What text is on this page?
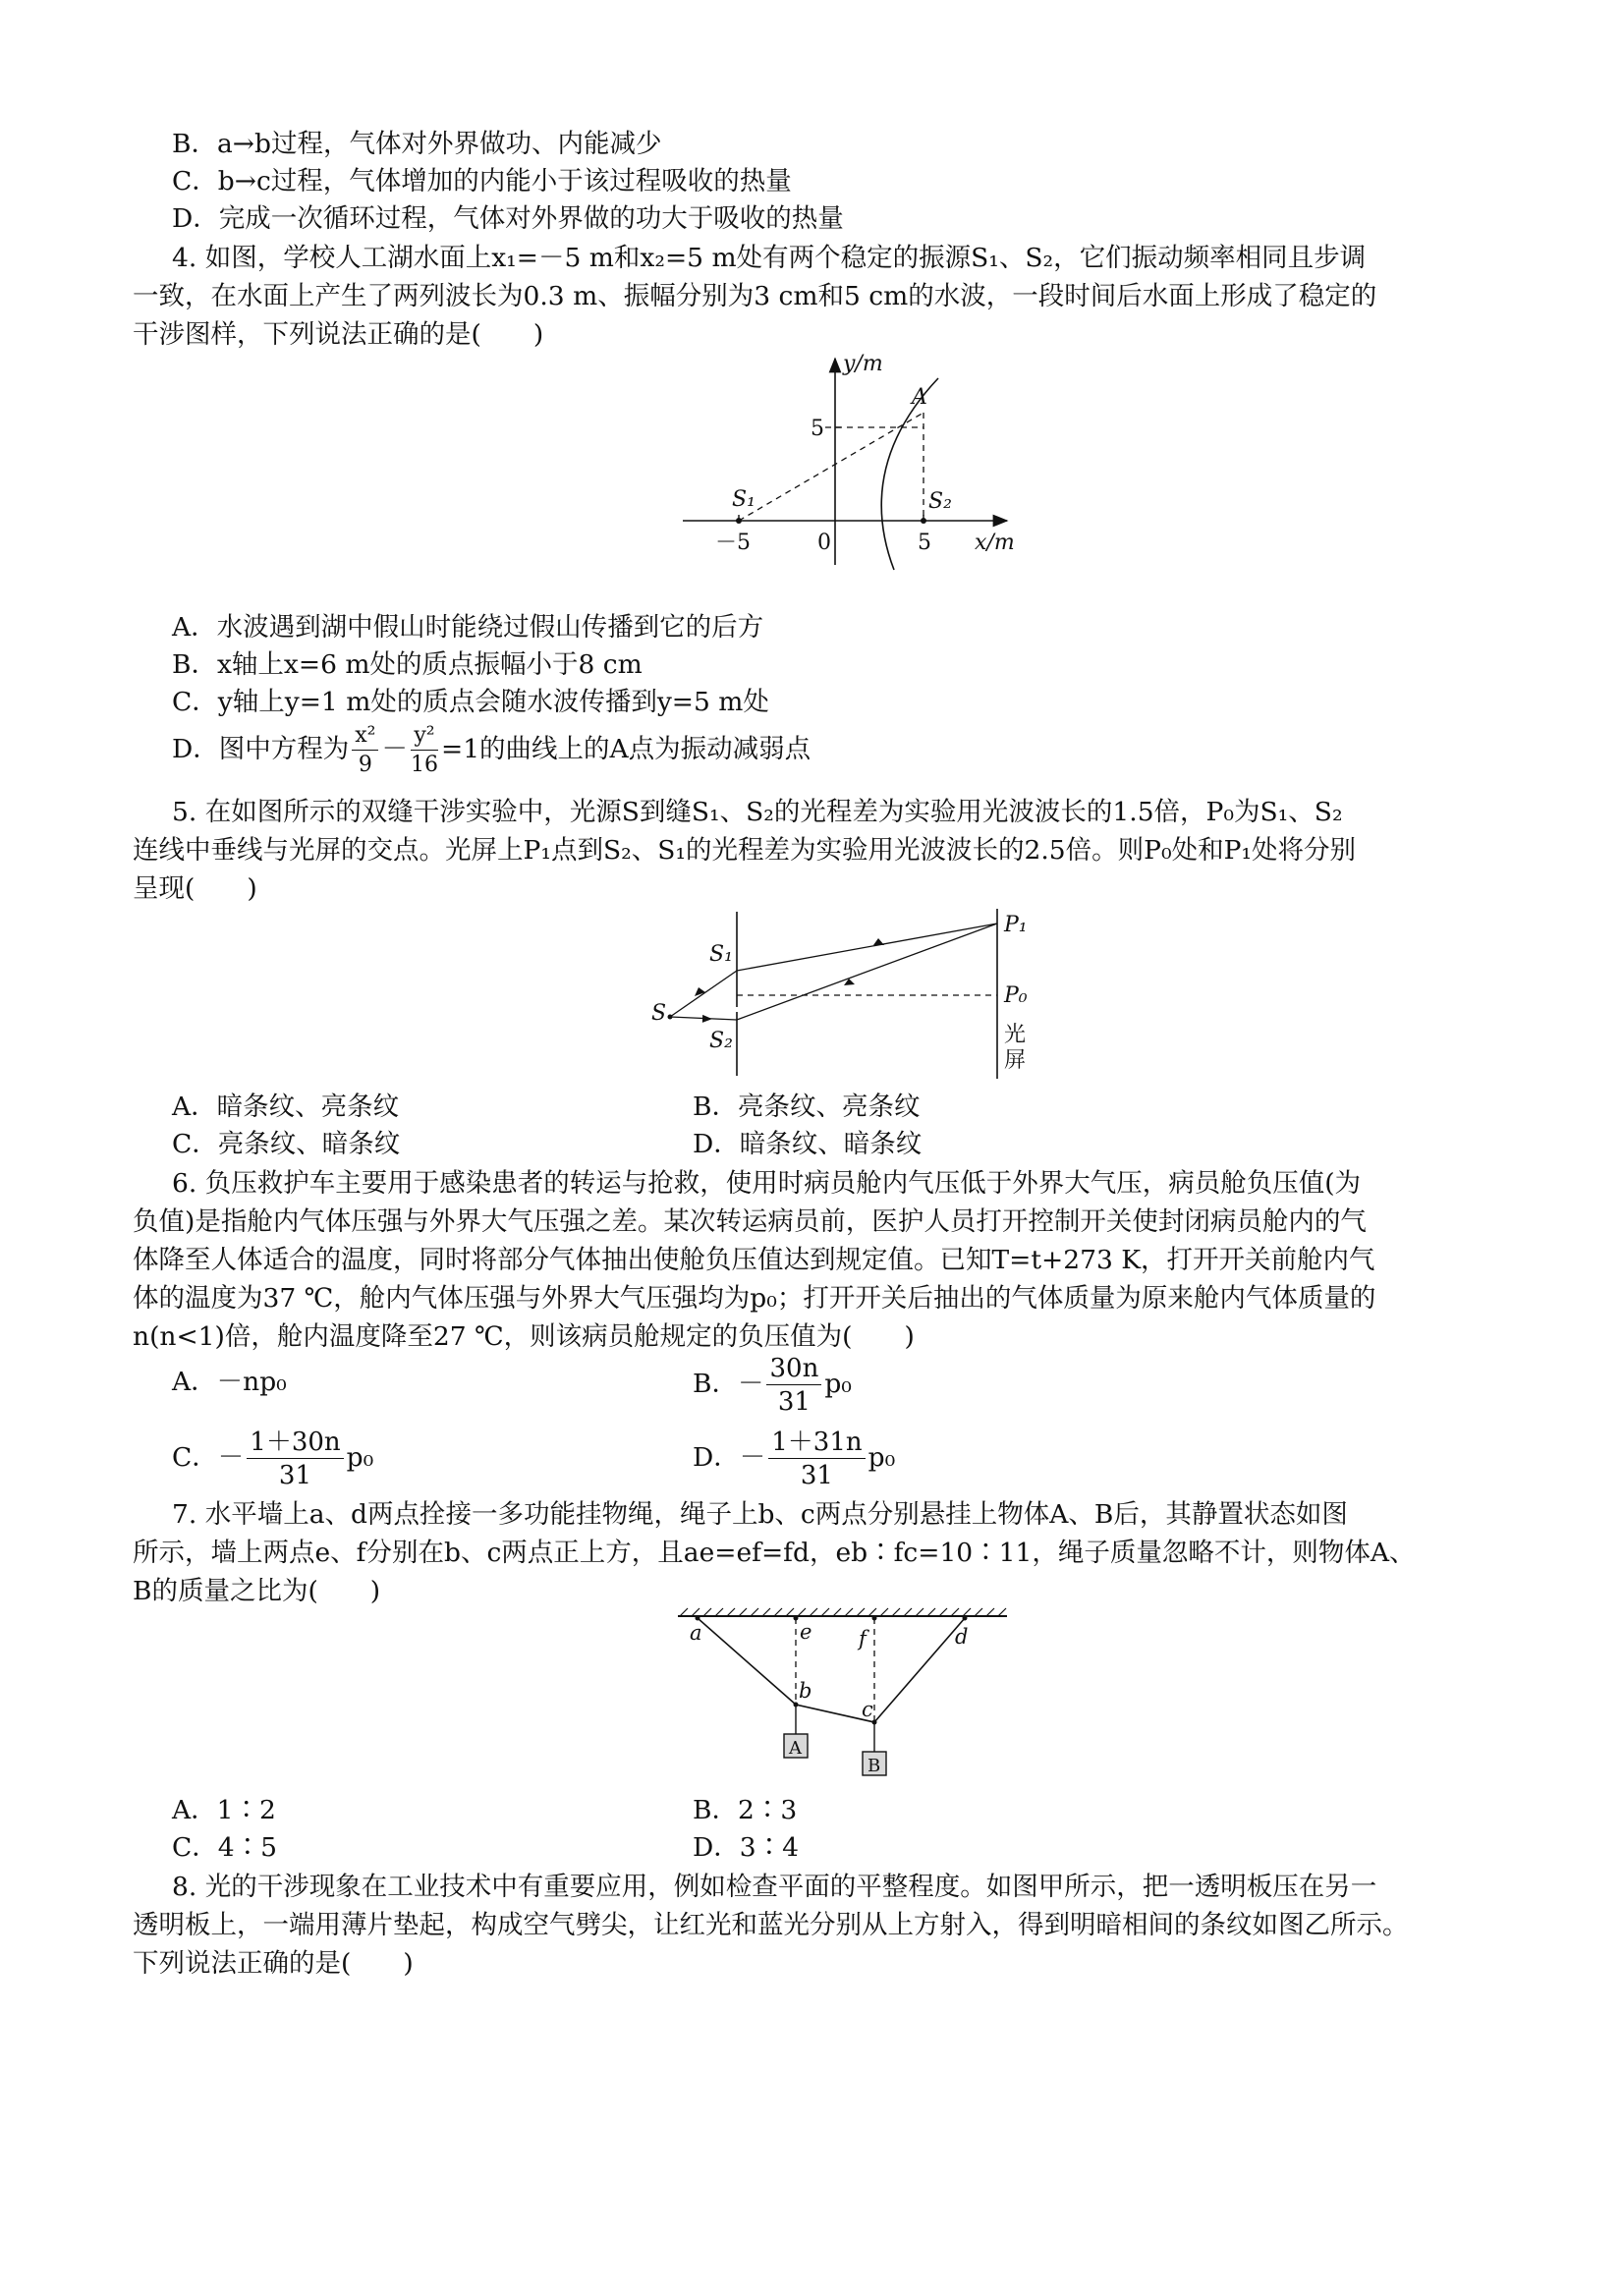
B．a→b过程，气体对外界做功、内能减少
C．b→c过程，气体增加的内能小于该过程吸收的热量
D．完成一次循环过程，气体对外界做的功大于吸收的热量
4. 如图，学校人工湖水面上x₁=－5 m和x₂=5 m处有两个稳定的振源S₁、S₂，它们振动频率相同且步调
一致，在水面上产生了两列波长为0.3 m、振幅分别为3 cm和5 cm的水波，一段时间后水面上形成了稳定的
干涉图样，下列说法正确的是(　　)
y/m
x/m
5
－5	0	5
A
S₁	S₂
A．水波遇到湖中假山时能绕过假山传播到它的后方
B．x轴上x=6 m处的质点振幅小于8 cm
C．y轴上y=1 m处的质点会随水波传播到y=5 m处
D．图中方程为 $\frac{\text{x²}}{9} - \frac{\text{y²}}{16} =1$的曲线上的A点为振动减弱点
5. 在如图所示的双缝干涉实验中，光源S到缝S₁、S₂的光程差为实验用光波波长的1.5倍，P₀为S₁、S₂
连线中垂线与光屏的交点。光屏上P₁点到S₂、S₁的光程差为实验用光波波长的2.5倍。则P₀处和P₁处将分别
呈现(　　)
S
S₁
S₂
P₁
P₀
光
屏
A．暗条纹、亮条纹	B．亮条纹、亮条纹
C．亮条纹、暗条纹	D．暗条纹、暗条纹
6. 负压救护车主要用于感染患者的转运与抢救，使用时病员舱内气压低于外界大气压，病员舱负压值(为
负值)是指舱内气体压强与外界大气压强之差。某次转运病员前，医护人员打开控制开关使封闭病员舱内的气
体降至人体适合的温度，同时将部分气体抽出使舱负压值达到规定值。已知T=t+273 K，打开开关前舱内气
体的温度为37 ℃，舱内气体压强与外界大气压强均为p₀；打开开关后抽出的气体质量为原来舱内气体质量的
n(n<1)倍，舱内温度降至27 ℃，则该病员舱规定的负压值为(　　)
A．－np₀	B．－ $\frac{30n}{31} p_0$
C．－ $\frac{1+30n}{31} p_0$	D．－ $\frac{1+31n}{31} p_0$
7. 水平墙上a、d两点拴接一多功能挂物绳，绳子上b、c两点分别悬挂上物体A、B后，其静置状态如图
所示，墙上两点e、f分别在b、c两点正上方，且ae=ef=fd，eb∶fc=10∶11，绳子质量忽略不计，则物体A、
B的质量之比为(　　)
a	e f	d
b
c
A
B
A．1∶2	B．2∶3
C．4∶5	D．3∶4
8. 光的干涉现象在工业技术中有重要应用，例如检查平面的平整程度。如图甲所示，把一透明板压在另一
透明板上，一端用薄片垫起，构成空气劈尖，让红光和蓝光分别从上方射入，得到明暗相间的条纹如图乙所示。
下列说法正确的是(　　)
